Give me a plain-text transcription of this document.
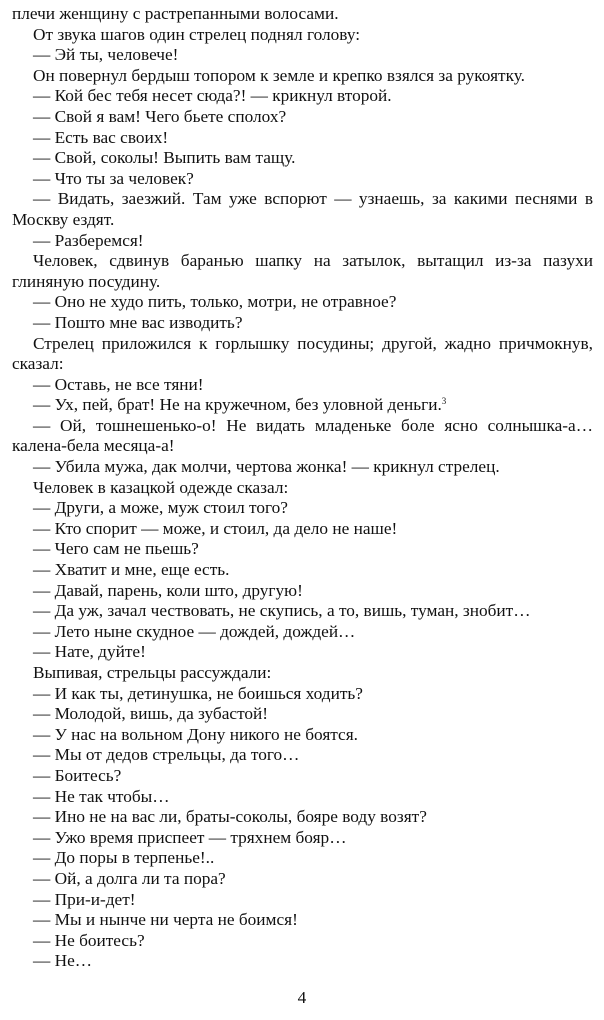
плечи женщину с растрепанными волосами.

От звука шагов один стрелец поднял голову:

— Эй ты, человече!

Он повернул бердыш топором к земле и крепко взялся за рукоятку.

— Кой бес тебя несет сюда?! — крикнул второй.

— Свой я вам! Чего бьете сполох?

— Есть вас своих!

— Свой, соколы! Выпить вам тащу.

— Что ты за человек?

— Видать, заезжий. Там уже вспорют — узнаешь, за какими песнями в Москву ездят.

— Разберемся!

Человек, сдвинув баранью шапку на затылок, вытащил из-за пазухи глиняную посудину.

— Оно не худо пить, только, мотри, не отравное?

— Пошто мне вас изводить?

Стрелец приложился к горлышку посудины; другой, жадно причмокнув, сказал:

— Оставь, не все тяни!

— Ух, пей, брат! Не на кружечном, без уловной деньги.$^3$

— Ой, тошнешенько-о! Не видать младеньке боле ясно солнышка-а… калена-бела месяца-а!

— Убила мужа, дак молчи, чертова жонка! — крикнул стрелец.

Человек в казацкой одежде сказал:

— Други, а може, муж стоил того?

— Кто спорит — може, и стоил, да дело не наше!

— Чего сам не пьешь?

— Хватит и мне, еще есть.

— Давай, парень, коли што, другую!

— Да уж, зачал чествовать, не скупись, а то, вишь, туман, знобит…

— Лето ныне скудное — дождей, дождей…

— Нате, дуйте!

Выпивая, стрельцы рассуждали:

— И как ты, детинушка, не боишься ходить?

— Молодой, вишь, да зубастой!

— У нас на вольном Дону никого не боятся.

— Мы от дедов стрельцы, да того…

— Боитесь?

— Не так чтобы…

— Ино не на вас ли, браты-соколы, бояре воду возят?

— Ужо время приспеет — тряхнем бояр…

— До поры в терпенье!..

— Ой, а долга ли та пора?

— При-и-дет!

— Мы и нынче ни черта не боимся!

— Не боитесь?

— Не…

4
